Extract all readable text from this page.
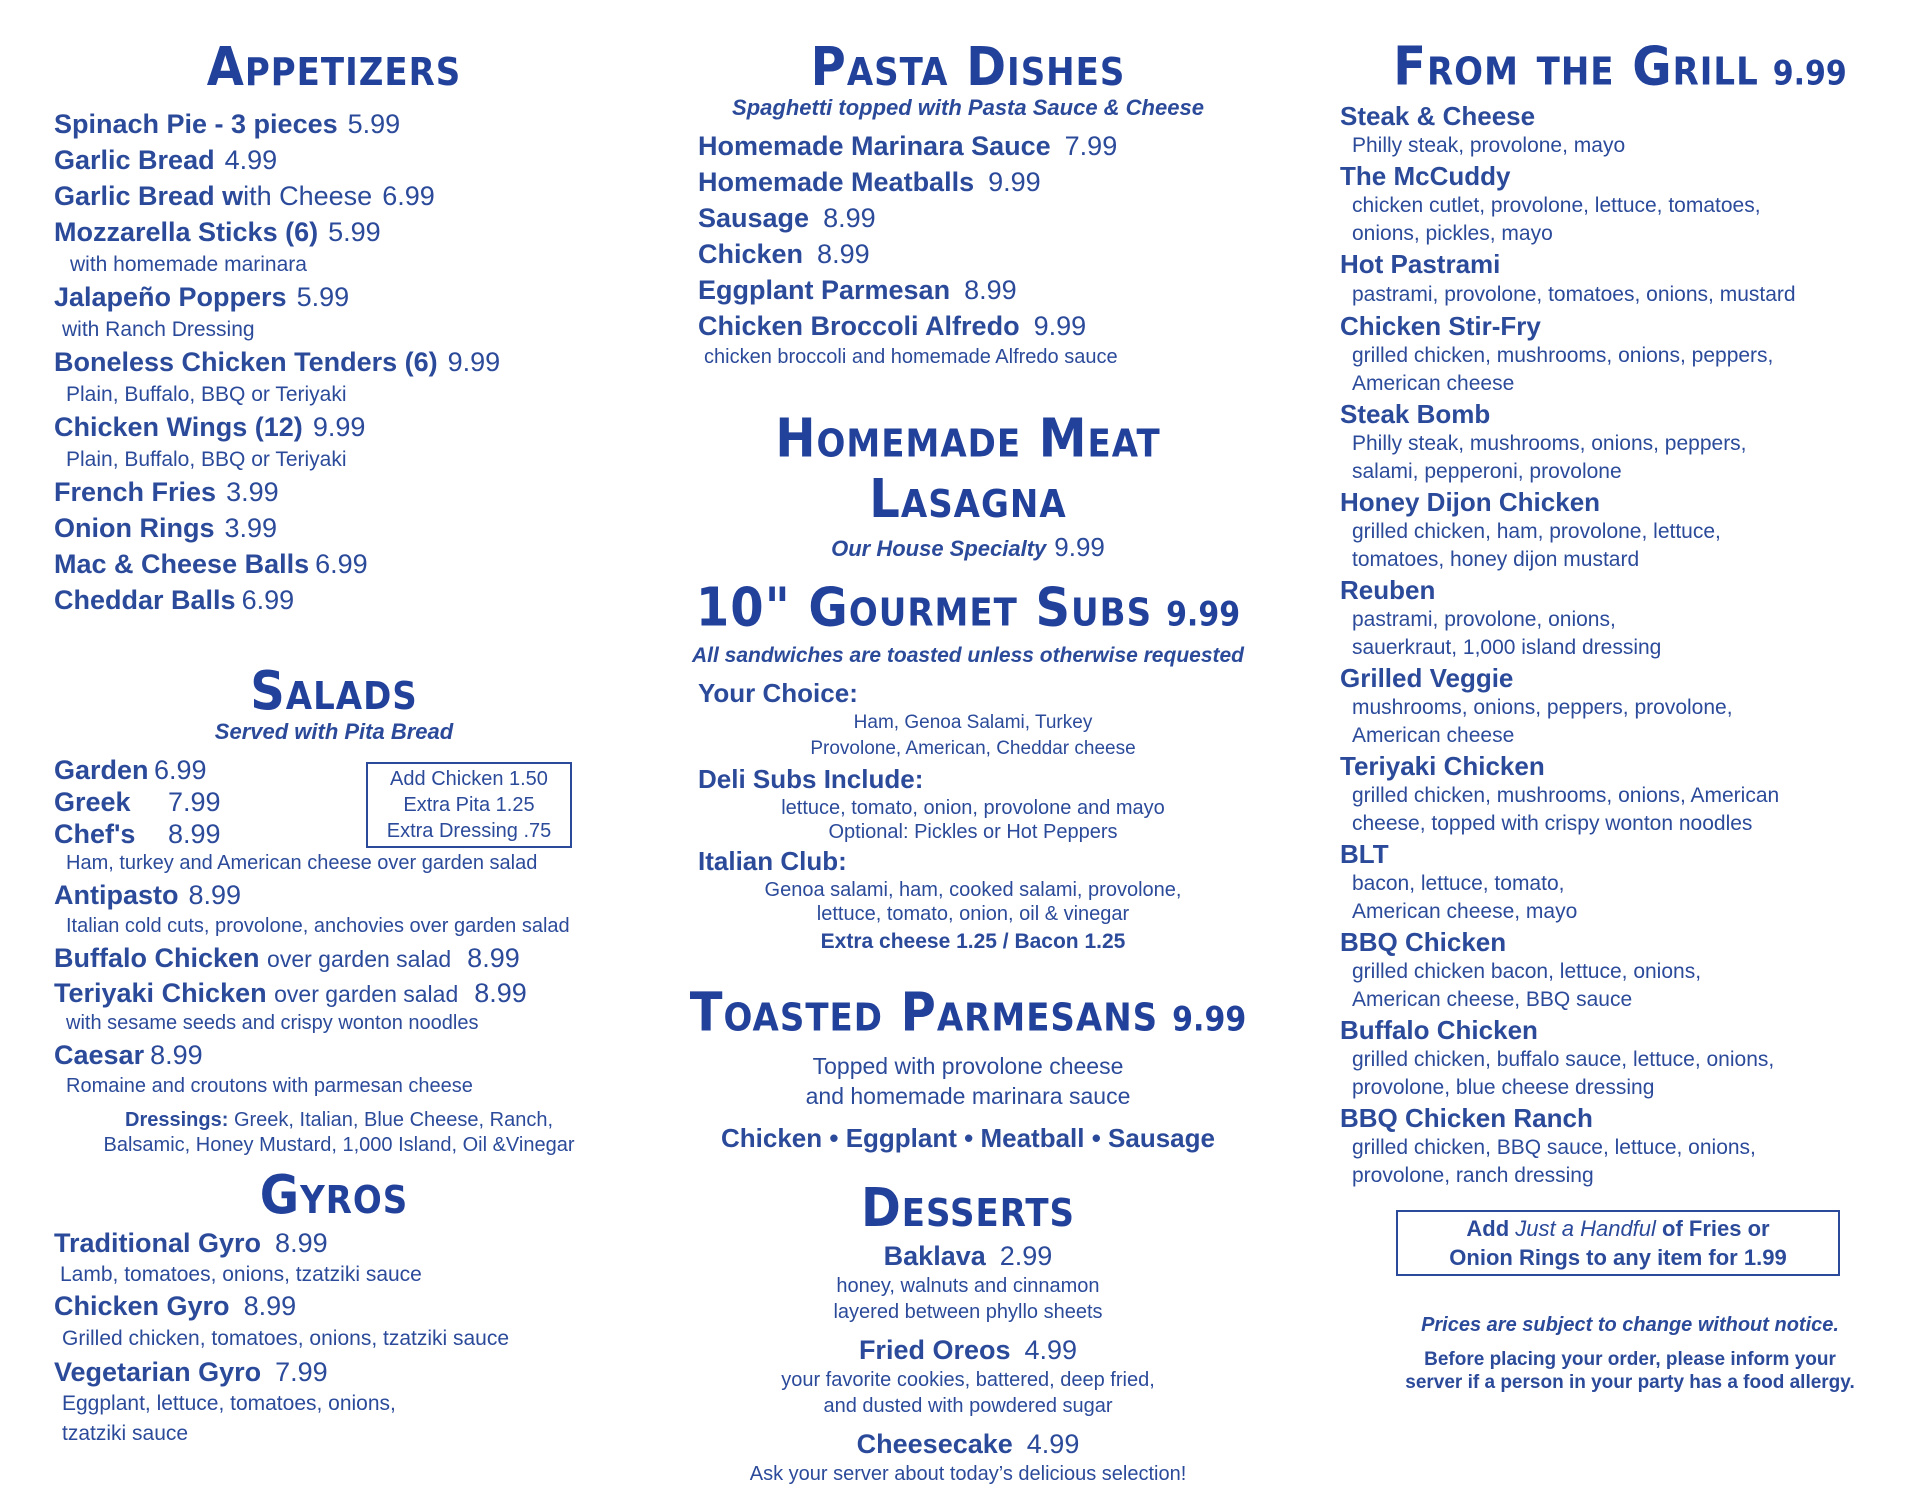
Appetizers
Spinach Pie - 3 pieces 5.99
Garlic Bread 4.99
Garlic Bread with Cheese 6.99
Mozzarella Sticks (6) 5.99
with homemade marinara
Jalapeño Poppers 5.99
with Ranch Dressing
Boneless Chicken Tenders (6) 9.99
Plain, Buffalo, BBQ or Teriyaki
Chicken Wings (12) 9.99
Plain, Buffalo, BBQ or Teriyaki
French Fries 3.99
Onion Rings 3.99
Mac & Cheese Balls 6.99
Cheddar Balls 6.99
Salads
Served with Pita Bread
Add Chicken 1.50
Extra Pita 1.25
Extra Dressing .75
Garden 6.99
Greek 7.99
Chef's 8.99
Ham, turkey and American cheese over garden salad
Antipasto 8.99
Italian cold cuts, provolone, anchovies over garden salad
Buffalo Chicken over garden salad 8.99
Teriyaki Chicken over garden salad 8.99
with sesame seeds and crispy wonton noodles
Caesar 8.99
Romaine and croutons with parmesan cheese
Dressings: Greek, Italian, Blue Cheese, Ranch,
Balsamic, Honey Mustard, 1,000 Island, Oil &Vinegar
Gyros
Traditional Gyro 8.99
Lamb, tomatoes, onions, tzatziki sauce
Chicken Gyro 8.99
Grilled chicken, tomatoes, onions, tzatziki sauce
Vegetarian Gyro 7.99
Eggplant, lettuce, tomatoes, onions,
tzatziki sauce
Pasta Dishes
Spaghetti topped with Pasta Sauce & Cheese
Homemade Marinara Sauce 7.99
Homemade Meatballs 9.99
Sausage 8.99
Chicken 8.99
Eggplant Parmesan 8.99
Chicken Broccoli Alfredo 9.99
chicken broccoli and homemade Alfredo sauce
Homemade Meat Lasagna
Our House Specialty 9.99
10" Gourmet Subs 9.99
All sandwiches are toasted unless otherwise requested
Your Choice:
Ham, Genoa Salami, Turkey
Provolone, American, Cheddar cheese
Deli Subs Include:
lettuce, tomato, onion, provolone and mayo
Optional: Pickles or Hot Peppers
Italian Club:
Genoa salami, ham, cooked salami, provolone,
lettuce, tomato, onion, oil & vinegar
Extra cheese 1.25 / Bacon 1.25
Toasted Parmesans 9.99
Topped with provolone cheese
and homemade marinara sauce
Chicken • Eggplant • Meatball • Sausage
Desserts
Baklava 2.99
honey, walnuts and cinnamon
layered between phyllo sheets
Fried Oreos 4.99
your favorite cookies, battered, deep fried,
and dusted with powdered sugar
Cheesecake 4.99
Ask your server about today’s delicious selection!
From the Grill 9.99
Steak & Cheese
Philly steak, provolone, mayo
The McCuddy
chicken cutlet, provolone, lettuce, tomatoes,
onions, pickles, mayo
Hot Pastrami
pastrami, provolone, tomatoes, onions, mustard
Chicken Stir-Fry
grilled chicken, mushrooms, onions, peppers,
American cheese
Steak Bomb
Philly steak, mushrooms, onions, peppers,
salami, pepperoni, provolone
Honey Dijon Chicken
grilled chicken, ham, provolone, lettuce,
tomatoes, honey dijon mustard
Reuben
pastrami, provolone, onions,
sauerkraut, 1,000 island dressing
Grilled Veggie
mushrooms, onions, peppers, provolone,
American cheese
Teriyaki Chicken
grilled chicken, mushrooms, onions, American
cheese, topped with crispy wonton noodles
BLT
bacon, lettuce, tomato,
American cheese, mayo
BBQ Chicken
grilled chicken bacon, lettuce, onions,
American cheese, BBQ sauce
Buffalo Chicken
grilled chicken, buffalo sauce, lettuce, onions,
provolone, blue cheese dressing
BBQ Chicken Ranch
grilled chicken, BBQ sauce, lettuce, onions,
provolone, ranch dressing
Add Just a Handful of Fries or
Onion Rings to any item for 1.99
Prices are subject to change without notice.
Before placing your order, please inform your
server if a person in your party has a food allergy.
